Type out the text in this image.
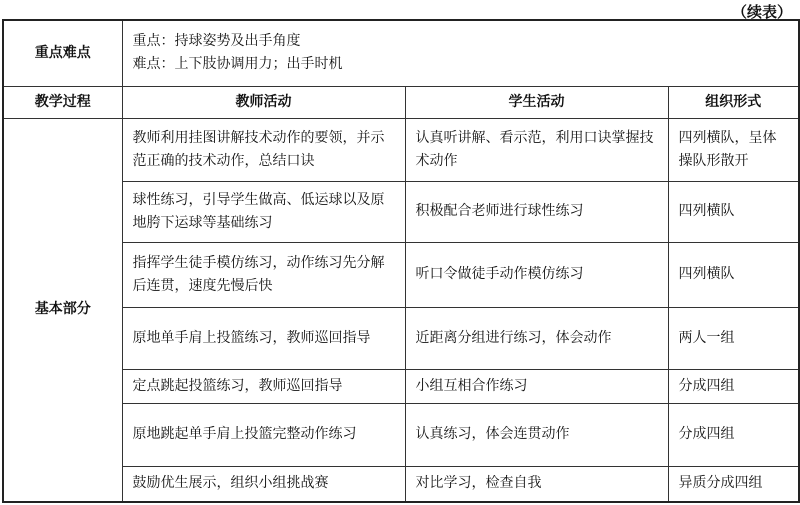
（续表）
重点难点	重点：持球姿势及出手角度
难点：上下肢协调用力；出手时机		

教学过程	教师活动	学生活动	组织形式
基本部分	教师利用挂图讲解技术动作的要领，并示范正确的技术动作，总结口诀	认真听讲解、看示范，利用口诀掌握技术动作	四列横队，呈体操队形散开
	球性练习，引导学生做高、低运球以及原地胯下运球等基础练习	积极配合老师进行球性练习	四列横队
	指挥学生徒手模仿练习，动作练习先分解后连贯，速度先慢后快	听口令做徒手动作模仿练习	四列横队
	原地单手肩上投篮练习，教师巡回指导	近距离分组进行练习，体会动作	两人一组
	定点跳起投篮练习，教师巡回指导	小组互相合作练习	分成四组
	原地跳起单手肩上投篮完整动作练习	认真练习，体会连贯动作	分成四组
	鼓励优生展示，组织小组挑战赛	对比学习，检查自我	异质分成四组
